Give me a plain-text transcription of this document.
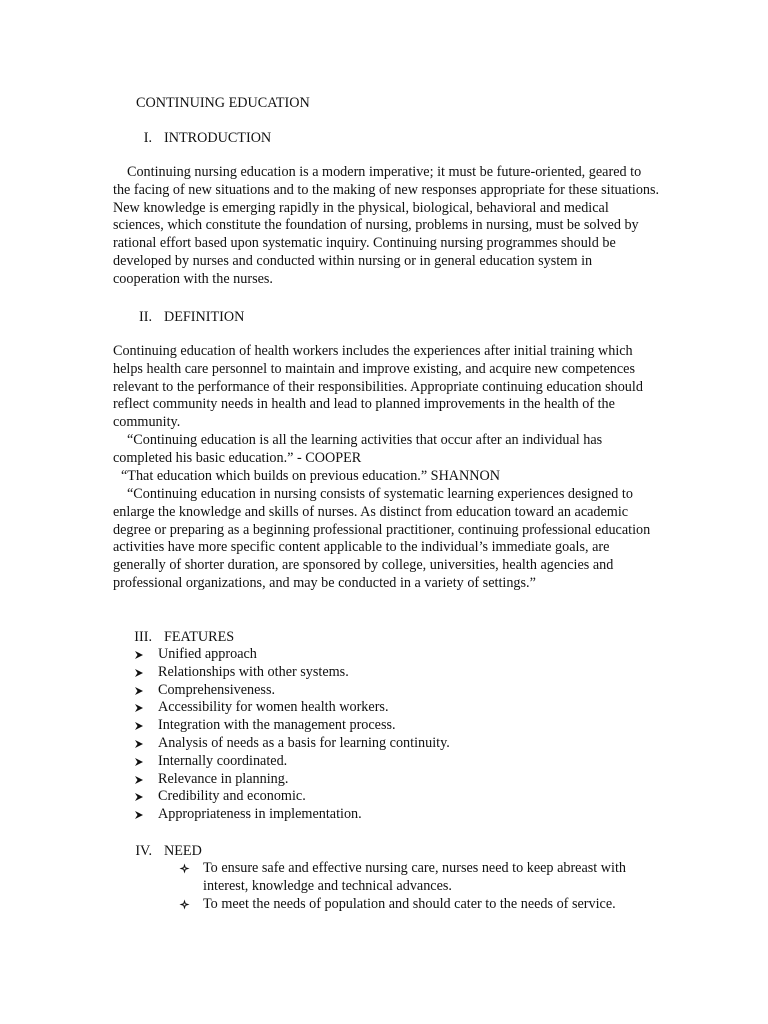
CONTINUING EDUCATION
I. INTRODUCTION
Continuing nursing education is a modern imperative; it must be future-oriented, geared to the facing of new situations and to the making of new responses appropriate for these situations. New knowledge is emerging rapidly in the physical, biological, behavioral and medical sciences, which constitute the foundation of nursing, problems in nursing, must be solved by rational effort based upon systematic inquiry. Continuing nursing programmes should be developed by nurses and conducted within nursing or in general education system in cooperation with the nurses.
II. DEFINITION
Continuing education of health workers includes the experiences after initial training which helps health care personnel to maintain and improve existing, and acquire new competences relevant to the performance of their responsibilities. Appropriate continuing education should reflect community needs in health and lead to planned improvements in the health of the community.
“Continuing education is all the learning activities that occur after an individual has completed his basic education.” - COOPER
“That education which builds on previous education.” SHANNON
“Continuing education in nursing consists of systematic learning experiences designed to enlarge the knowledge and skills of nurses. As distinct from education toward an academic degree or preparing as a beginning professional practitioner, continuing professional education activities have more specific content applicable to the individual’s immediate goals, are generally of shorter duration, are sponsored by college, universities, health agencies and professional organizations, and may be conducted in a variety of settings.”
III. FEATURES
Unified approach
Relationships with other systems.
Comprehensiveness.
Accessibility for women health workers.
Integration with the management process.
Analysis of needs as a basis for learning continuity.
Internally coordinated.
Relevance in planning.
Credibility and economic.
Appropriateness in implementation.
IV. NEED
To ensure safe and effective nursing care, nurses need to keep abreast with interest, knowledge and technical advances.
To meet the needs of population and should cater to the needs of service.
